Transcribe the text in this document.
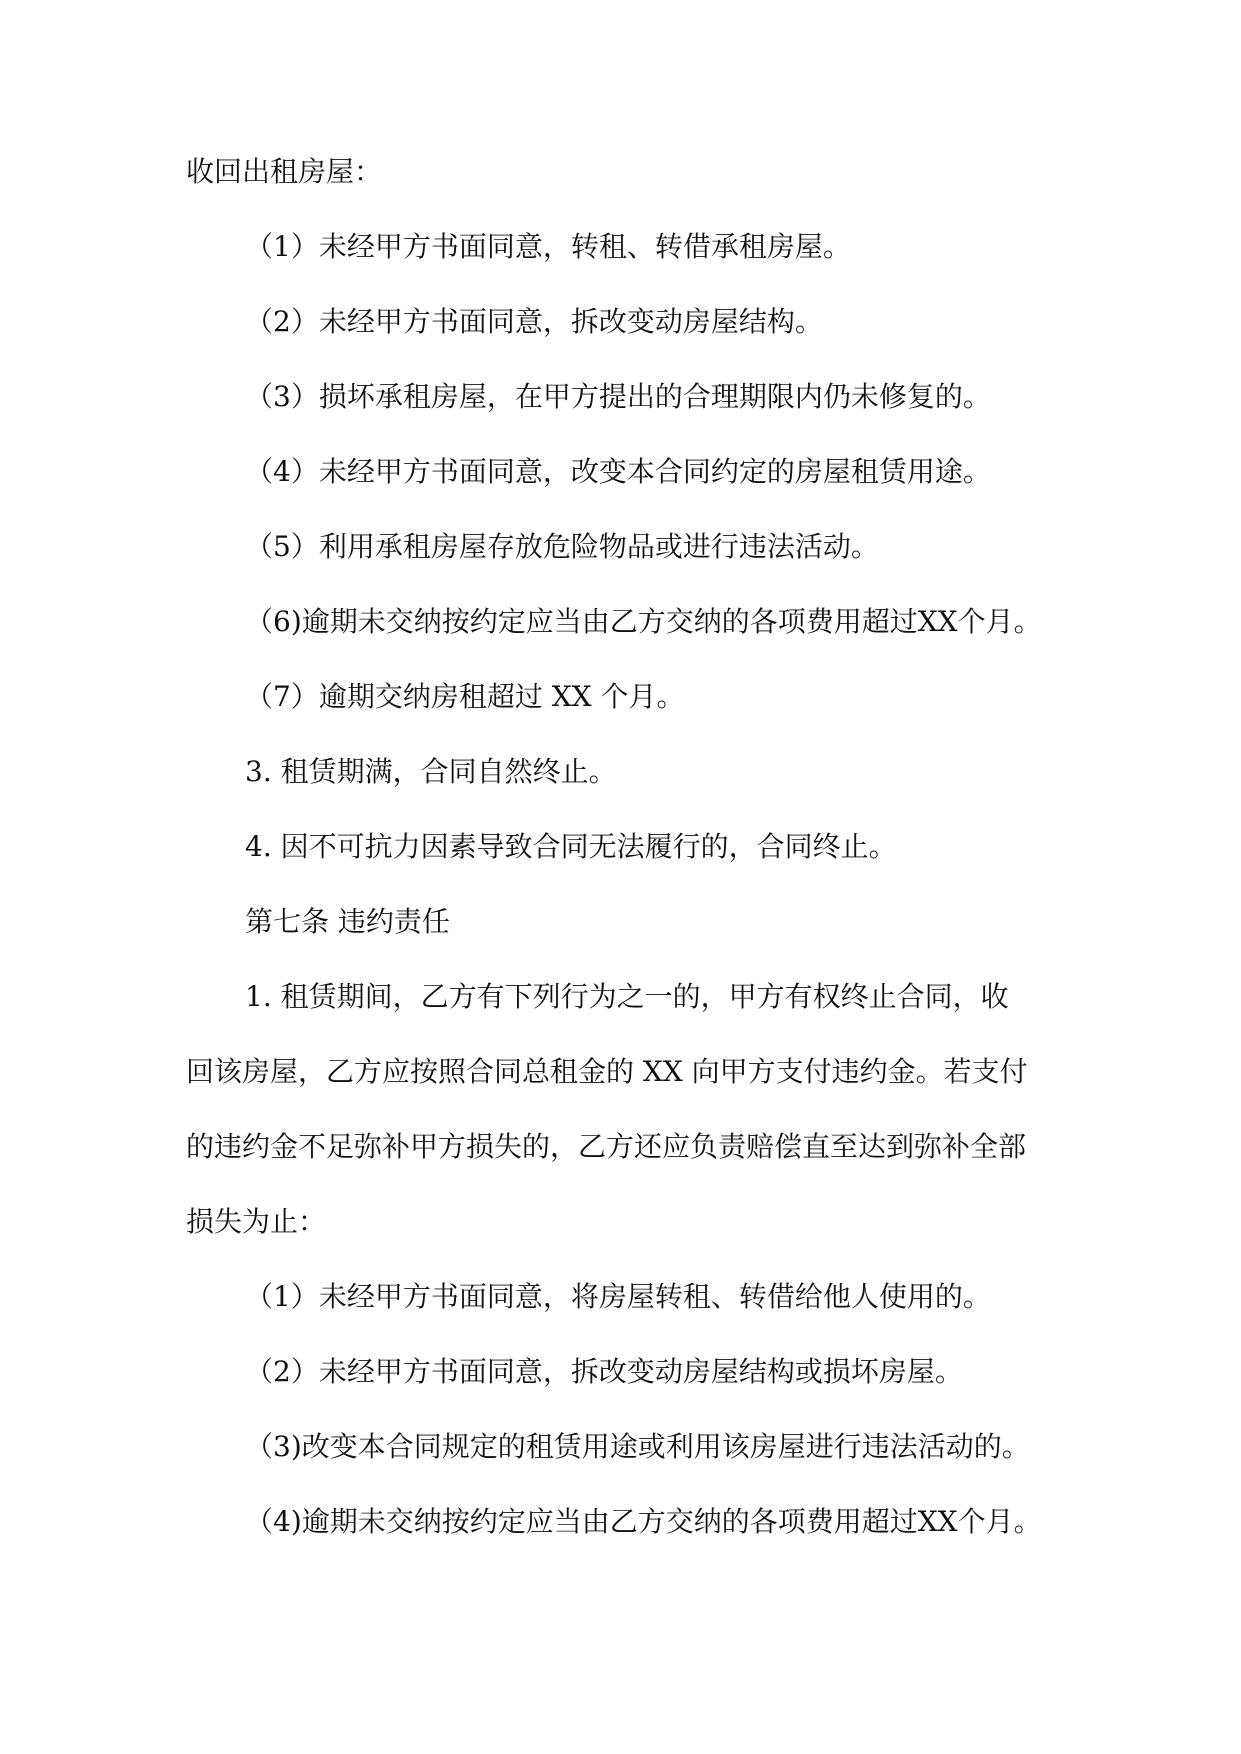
收回出租房屋：
（1）未经甲方书面同意，转租、转借承租房屋。
（2）未经甲方书面同意，拆改变动房屋结构。
（3）损坏承租房屋，在甲方提出的合理期限内仍未修复的。
（4）未经甲方书面同意，改变本合同约定的房屋租赁用途。
（5）利用承租房屋存放危险物品或进行违法活动。
（6)逾期未交纳按约定应当由乙方交纳的各项费用超过XX个月。
（7）逾期交纳房租超过 XX 个月。
3. 租赁期满，合同自然终止。
4. 因不可抗力因素导致合同无法履行的，合同终止。
第七条 违约责任
1. 租赁期间，乙方有下列行为之一的，甲方有权终止合同，收
回该房屋，乙方应按照合同总租金的 XX 向甲方支付违约金。若支付
的违约金不足弥补甲方损失的，乙方还应负责赔偿直至达到弥补全部
损失为止：
（1）未经甲方书面同意，将房屋转租、转借给他人使用的。
（2）未经甲方书面同意，拆改变动房屋结构或损坏房屋。
（3)改变本合同规定的租赁用途或利用该房屋进行违法活动的。
（4)逾期未交纳按约定应当由乙方交纳的各项费用超过XX个月。
